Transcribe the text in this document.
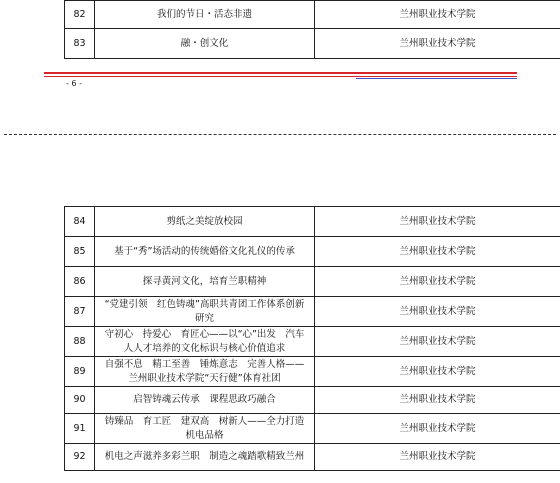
82	我们的节日・活态非遗	兰州职业技术学院
83	融・创文化	兰州职业技术学院
- 6 -
84	剪纸之美绽放校园	兰州职业技术学院
85	基于“秀”场活动的传统婚俗文化礼仪的传承	兰州职业技术学院
86	探寻黄河文化，培育兰职精神	兰州职业技术学院
87	“党建引领　红色铸魂”高职共青团工作体系创新研究	兰州职业技术学院
88	守初心　持爱心　育匠心——以“心”出发　汽车人人才培养的文化标识与核心价值追求	兰州职业技术学院
89	自强不息　精工至善　锤炼意志　完善人格——兰州职业技术学院“天行健”体育社团	兰州职业技术学院
90	启智铸魂云传承　课程思政巧融合	兰州职业技术学院
91	铸臻品　育工匠　建双高　树新人——全力打造机电品格	兰州职业技术学院
92	机电之声滋养多彩兰职　制造之魂踏歌精致兰州	兰州职业技术学院
